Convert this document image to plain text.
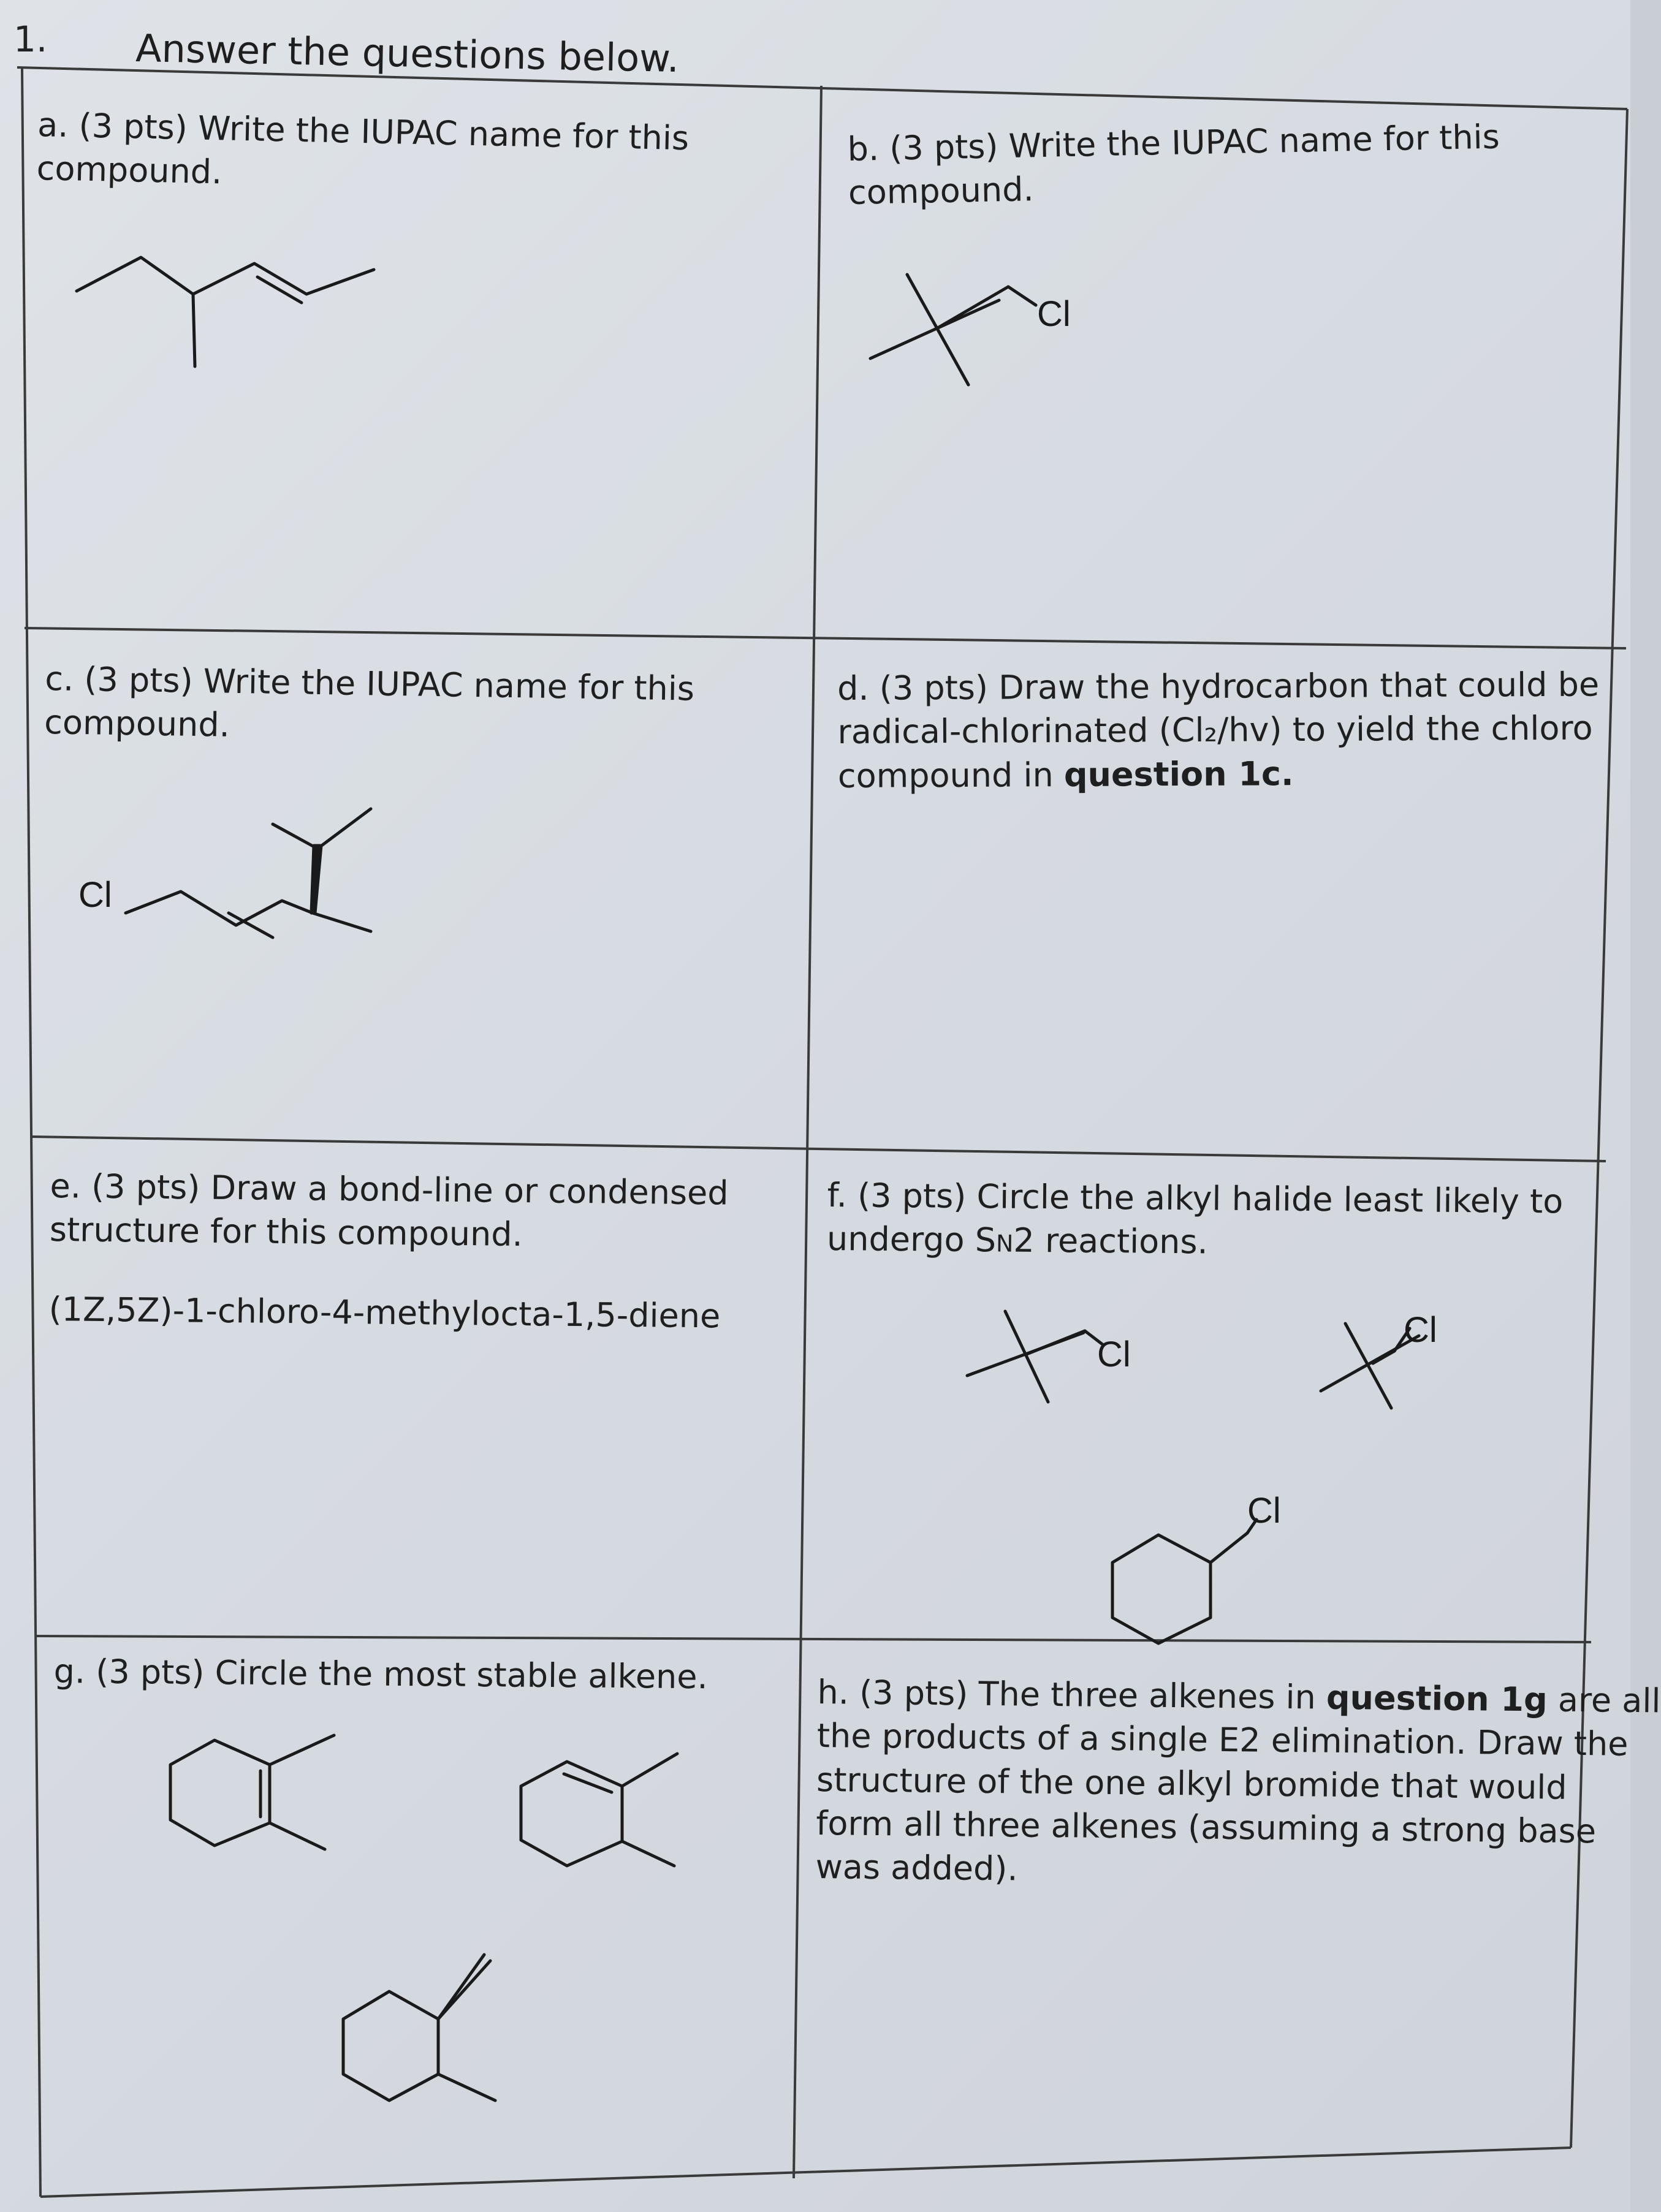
1. Answer the questions below.
a. (3 pts) Write the IUPAC name for this
compound.
b. (3 pts) Write the IUPAC name for this
compound.
c. (3 pts) Write the IUPAC name for this
compound.
d. (3 pts) Draw the hydrocarbon that could be
radical-chlorinated (Cl₂/hv) to yield the chloro
compound in question 1c.
e. (3 pts) Draw a bond-line or condensed
structure for this compound.
(1Z,5Z)-1-chloro-4-methylocta-1,5-diene
f. (3 pts) Circle the alkyl halide least likely to
undergo SN2 reactions.
g. (3 pts) Circle the most stable alkene.	h. (3 pts) The three alkenes in question 1g are all
the products of a single E2 elimination. Draw the
structure of the one alkyl bromide that would
form all three alkenes (assuming a strong base
was added).
Cl
Cl
Cl
Cl
Cl
